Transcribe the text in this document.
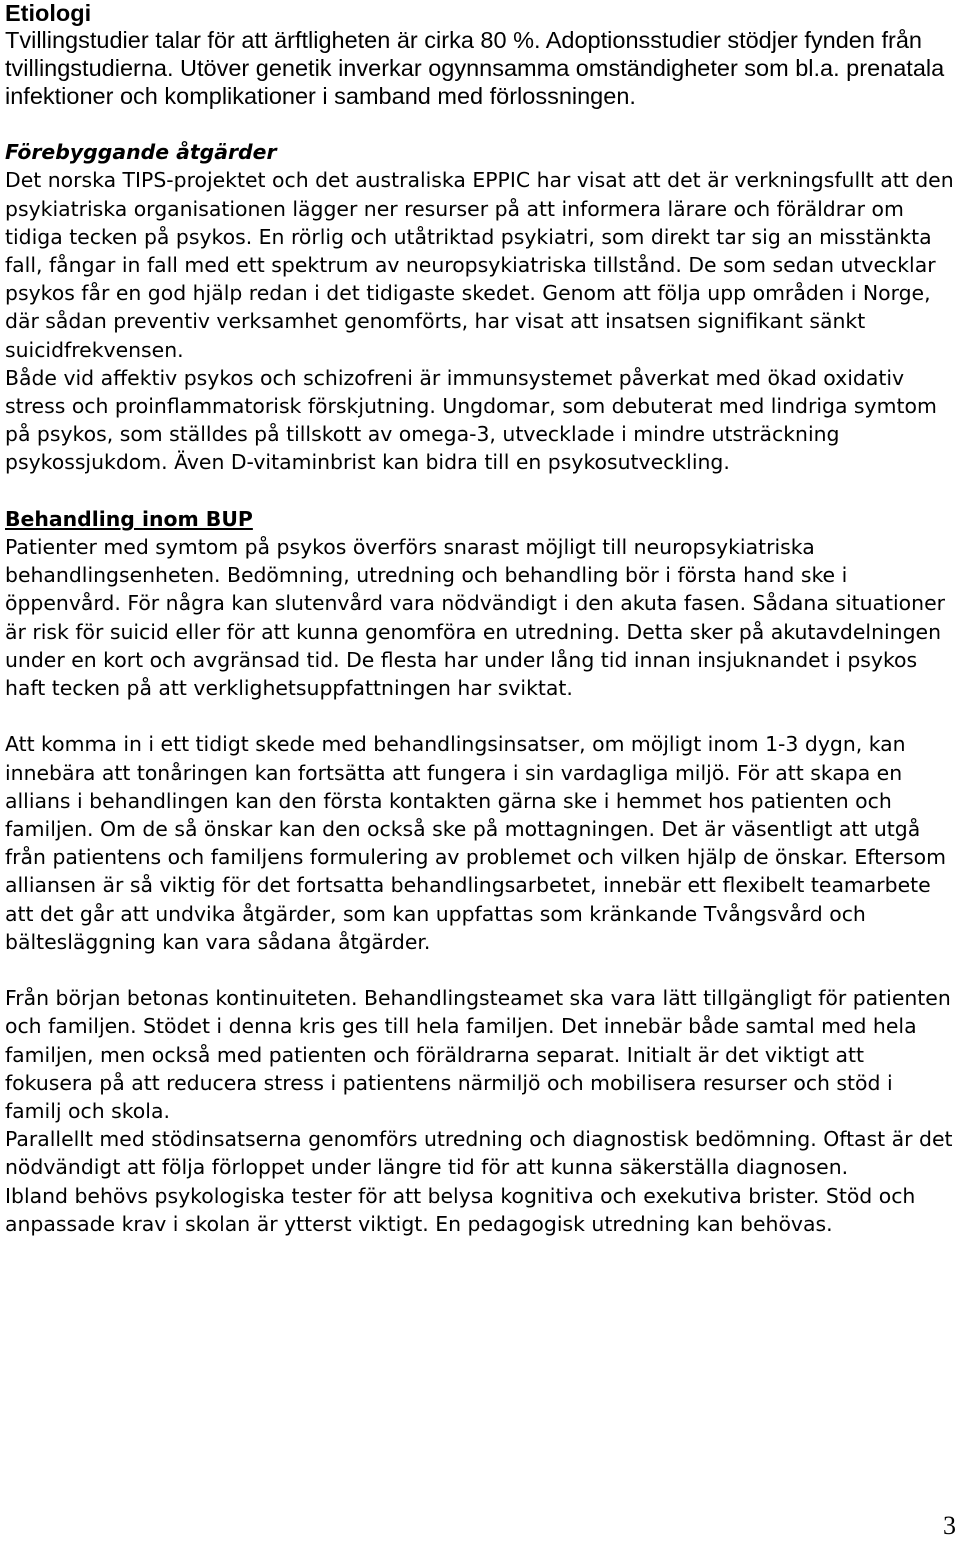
Etiologi

Tvillingstudier talar för att ärftligheten är cirka 80 %. Adoptionsstudier stödjer fynden från tvillingstudierna. Utöver genetik inverkar ogynnsamma omständigheter som bl.a. prenatala infektioner och komplikationer i samband med förlossningen.

Förebyggande åtgärder

Det norska TIPS-projektet och det australiska EPPIC har visat att det är verkningsfullt att den psykiatriska organisationen lägger ner resurser på att informera lärare och föräldrar om tidiga tecken på psykos. En rörlig och utåtriktad psykiatri, som direkt tar sig an misstänkta fall, fångar in fall med ett spektrum av neuropsykiatriska tillstånd. De som sedan utvecklar psykos får en god hjälp redan i det tidigaste skedet. Genom att följa upp områden i Norge, där sådan preventiv verksamhet genomförts, har visat att insatsen signifikant sänkt suicidfrekvensen.

Både vid affektiv psykos och schizofreni är immunsystemet påverkat med ökad oxidativ stress och proinflammatorisk förskjutning. Ungdomar, som debuterat med lindriga symtom på psykos, som ställdes på tillskott av omega-3, utvecklade i mindre utsträckning psykossjukdom. Även D-vitaminbrist kan bidra till en psykosutveckling.

Behandling inom BUP

Patienter med symtom på psykos överförs snarast möjligt till neuropsykiatriska behandlingsenheten. Bedömning, utredning och behandling bör i första hand ske i öppenvård. För några kan slutenvård vara nödvändigt i den akuta fasen. Sådana situationer är risk för suicid eller för att kunna genomföra en utredning. Detta sker på akutavdelningen under en kort och avgränsad tid. De flesta har under lång tid innan insjuknandet i psykos haft tecken på att verklighetsuppfattningen har sviktat.

Att komma in i ett tidigt skede med behandlingsinsatser, om möjligt inom 1-3 dygn, kan innebära att tonåringen kan fortsätta att fungera i sin vardagliga miljö. För att skapa en allians i behandlingen kan den första kontakten gärna ske i hemmet hos patienten och familjen. Om de så önskar kan den också ske på mottagningen. Det är väsentligt att utgå från patientens och familjens formulering av problemet och vilken hjälp de önskar. Eftersom alliansen är så viktig för det fortsatta behandlingsarbetet, innebär ett flexibelt teamarbete att det går att undvika åtgärder, som kan uppfattas som kränkande Tvångsvård och bältesläggning kan vara sådana åtgärder.

Från början betonas kontinuiteten. Behandlingsteamet ska vara lätt tillgängligt för patienten och familjen. Stödet i denna kris ges till hela familjen. Det innebär både samtal med hela familjen, men också med patienten och föräldrarna separat. Initialt är det viktigt att fokusera på att reducera stress i patientens närmiljö och mobilisera resurser och stöd i familj och skola.

Parallellt med stödinsatserna genomförs utredning och diagnostisk bedömning. Oftast är det nödvändigt att följa förloppet under längre tid för att kunna säkerställa diagnosen.

Ibland behövs psykologiska tester för att belysa kognitiva och exekutiva brister. Stöd och anpassade krav i skolan är ytterst viktigt. En pedagogisk utredning kan behövas.

3
